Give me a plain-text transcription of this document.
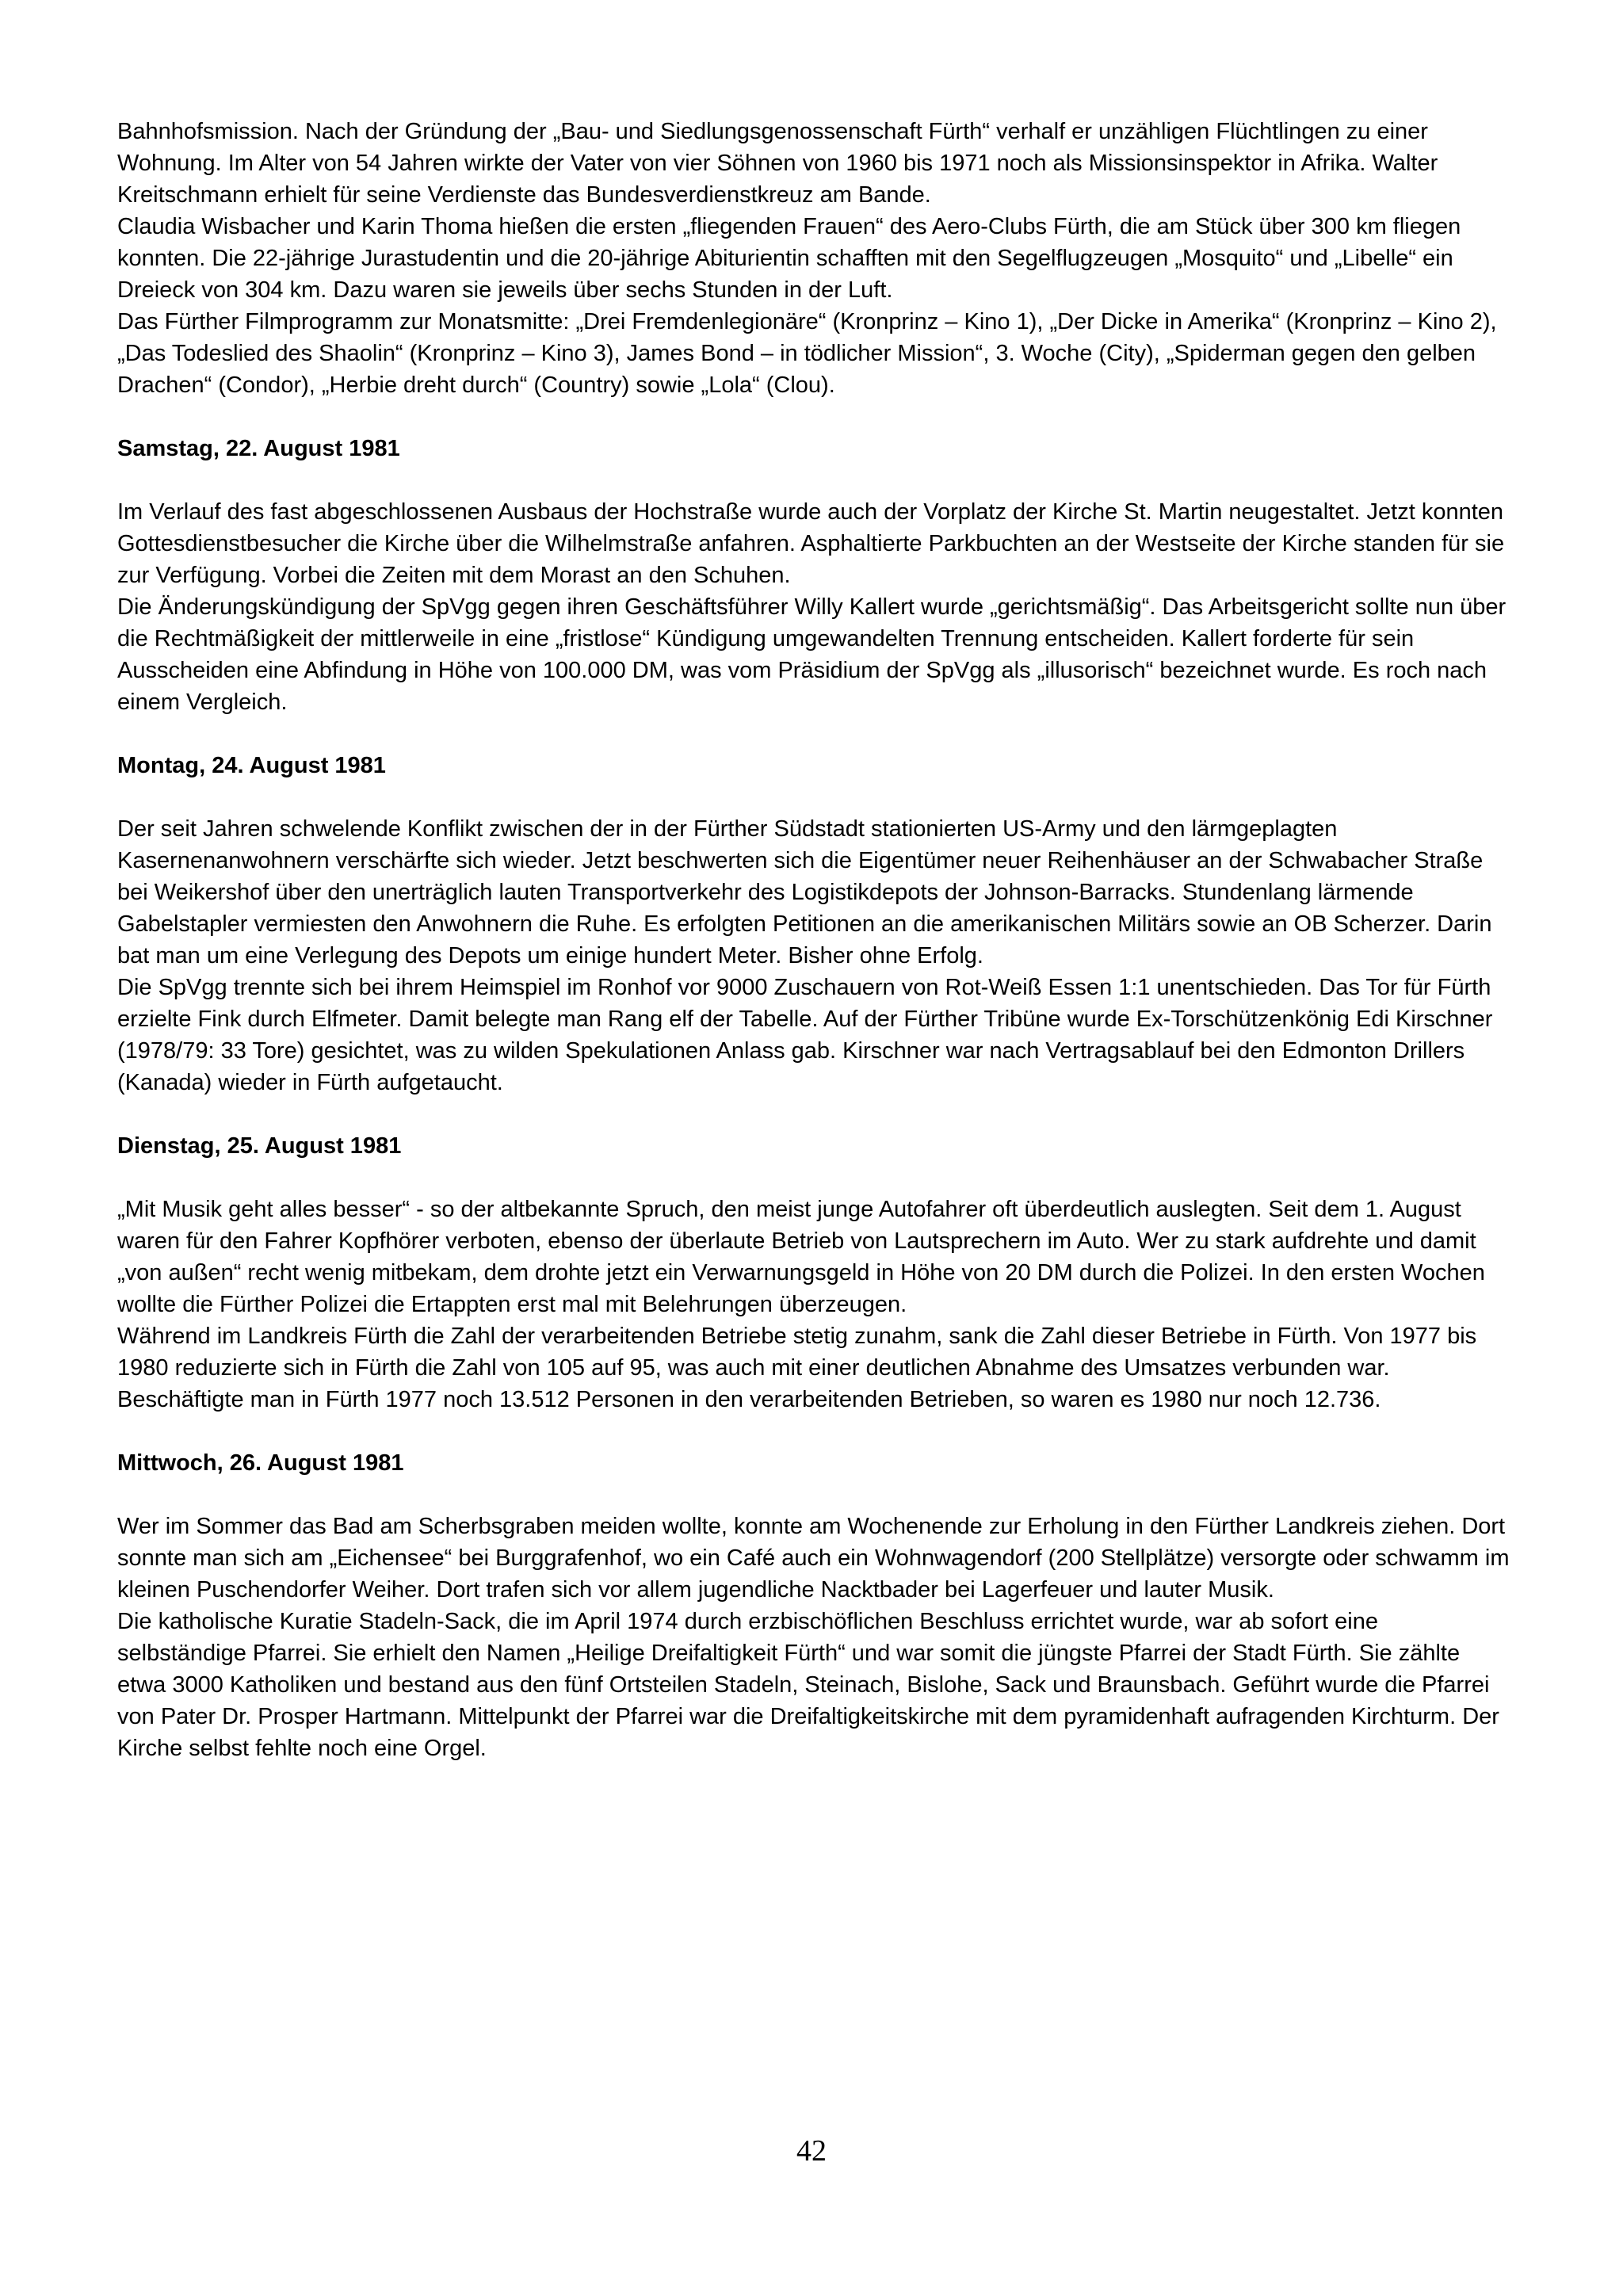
Bahnhofsmission. Nach der Gründung der „Bau- und Siedlungsgenossenschaft Fürth“ verhalf er unzähligen Flüchtlingen zu einer Wohnung. Im Alter von 54 Jahren wirkte der Vater von vier Söhnen von 1960 bis 1971 noch als Missionsinspektor in Afrika. Walter Kreitschmann erhielt für seine Verdienste das Bundesverdienstkreuz am Bande.

Claudia Wisbacher und Karin Thoma hießen die ersten „fliegenden Frauen“ des Aero-Clubs Fürth, die am Stück über 300 km fliegen konnten. Die 22-jährige Jurastudentin und die 20-jährige Abiturientin schafften mit den Segelflugzeugen „Mosquito“ und „Libelle“ ein Dreieck von 304 km. Dazu waren sie jeweils über sechs Stunden in der Luft.

Das Fürther Filmprogramm zur Monatsmitte: „Drei Fremdenlegionäre“ (Kronprinz – Kino 1), „Der Dicke in Amerika“ (Kronprinz – Kino 2), „Das Todeslied des Shaolin“ (Kronprinz – Kino 3), James Bond – in tödlicher Mission“, 3. Woche (City), „Spiderman gegen den gelben Drachen“ (Condor), „Herbie dreht durch“ (Country) sowie „Lola“ (Clou).

Samstag, 22. August 1981

Im Verlauf des fast abgeschlossenen Ausbaus der Hochstraße wurde auch der Vorplatz der Kirche St. Martin neugestaltet. Jetzt konnten Gottesdienstbesucher die Kirche über die Wilhelmstraße anfahren. Asphaltierte Parkbuchten an der Westseite der Kirche standen für sie zur Verfügung. Vorbei die Zeiten mit dem Morast an den Schuhen.

Die Änderungskündigung der SpVgg gegen ihren Geschäftsführer Willy Kallert wurde „gerichtsmäßig“. Das Arbeitsgericht sollte nun über die Rechtmäßigkeit der mittlerweile in eine „fristlose“ Kündigung umgewandelten Trennung entscheiden. Kallert forderte für sein Ausscheiden eine Abfindung in Höhe von 100.000 DM, was vom Präsidium der SpVgg als „illusorisch“ bezeichnet wurde. Es roch nach einem Vergleich.

Montag, 24. August 1981

Der seit Jahren schwelende Konflikt zwischen der in der Fürther Südstadt stationierten US-Army und den lärmgeplagten Kasernenanwohnern verschärfte sich wieder. Jetzt beschwerten sich die Eigentümer neuer Reihenhäuser an der Schwabacher Straße bei Weikershof über den unerträglich lauten Transportverkehr des Logistikdepots der Johnson-Barracks. Stundenlang lärmende Gabelstapler vermiesten den Anwohnern die Ruhe. Es erfolgten Petitionen an die amerikanischen Militärs sowie an OB Scherzer. Darin bat man um eine Verlegung des Depots um einige hundert Meter. Bisher ohne Erfolg.

Die SpVgg trennte sich bei ihrem Heimspiel im Ronhof vor 9000 Zuschauern von Rot-Weiß Essen 1:1 unentschieden. Das Tor für Fürth erzielte Fink durch Elfmeter. Damit belegte man Rang elf der Tabelle. Auf der Fürther Tribüne wurde Ex-Torschützenkönig Edi Kirschner (1978/79: 33 Tore) gesichtet, was zu wilden Spekulationen Anlass gab. Kirschner war nach Vertragsablauf bei den Edmonton Drillers (Kanada) wieder in Fürth aufgetaucht.

Dienstag, 25. August 1981

„Mit Musik geht alles besser“ - so der altbekannte Spruch, den meist junge Autofahrer oft überdeutlich auslegten. Seit dem 1. August waren für den Fahrer Kopfhörer verboten, ebenso der überlaute Betrieb von Lautsprechern im Auto. Wer zu stark aufdrehte und damit „von außen“ recht wenig mitbekam, dem drohte jetzt ein Verwarnungsgeld in Höhe von 20 DM durch die Polizei. In den ersten Wochen wollte die Fürther Polizei die Ertappten erst mal mit Belehrungen überzeugen.

Während im Landkreis Fürth die Zahl der verarbeitenden Betriebe stetig zunahm, sank die Zahl dieser Betriebe in Fürth. Von 1977 bis 1980 reduzierte sich in Fürth die Zahl von 105 auf 95, was auch mit einer deutlichen Abnahme des Umsatzes verbunden war. Beschäftigte man in Fürth 1977 noch 13.512 Personen in den verarbeitenden Betrieben, so waren es 1980 nur noch 12.736.

Mittwoch, 26. August 1981

Wer im Sommer das Bad am Scherbsgraben meiden wollte, konnte am Wochenende zur Erholung in den Fürther Landkreis ziehen. Dort sonnte man sich am „Eichensee“ bei Burggrafenhof, wo ein Café auch ein Wohnwagendorf (200 Stellplätze) versorgte oder schwamm im kleinen Puschendorfer Weiher. Dort trafen sich vor allem jugendliche Nacktbader bei Lagerfeuer und lauter Musik.

Die katholische Kuratie Stadeln-Sack, die im April 1974 durch erzbischöflichen Beschluss errichtet wurde, war ab sofort eine selbständige Pfarrei. Sie erhielt den Namen „Heilige Dreifaltigkeit Fürth“ und war somit die jüngste Pfarrei der Stadt Fürth. Sie zählte etwa 3000 Katholiken und bestand aus den fünf Ortsteilen Stadeln, Steinach, Bislohe, Sack und Braunsbach. Geführt wurde die Pfarrei von Pater Dr. Prosper Hartmann. Mittelpunkt der Pfarrei war die Dreifaltigkeitskirche mit dem pyramidenhaft aufragenden Kirchturm. Der Kirche selbst fehlte noch eine Orgel.

42
